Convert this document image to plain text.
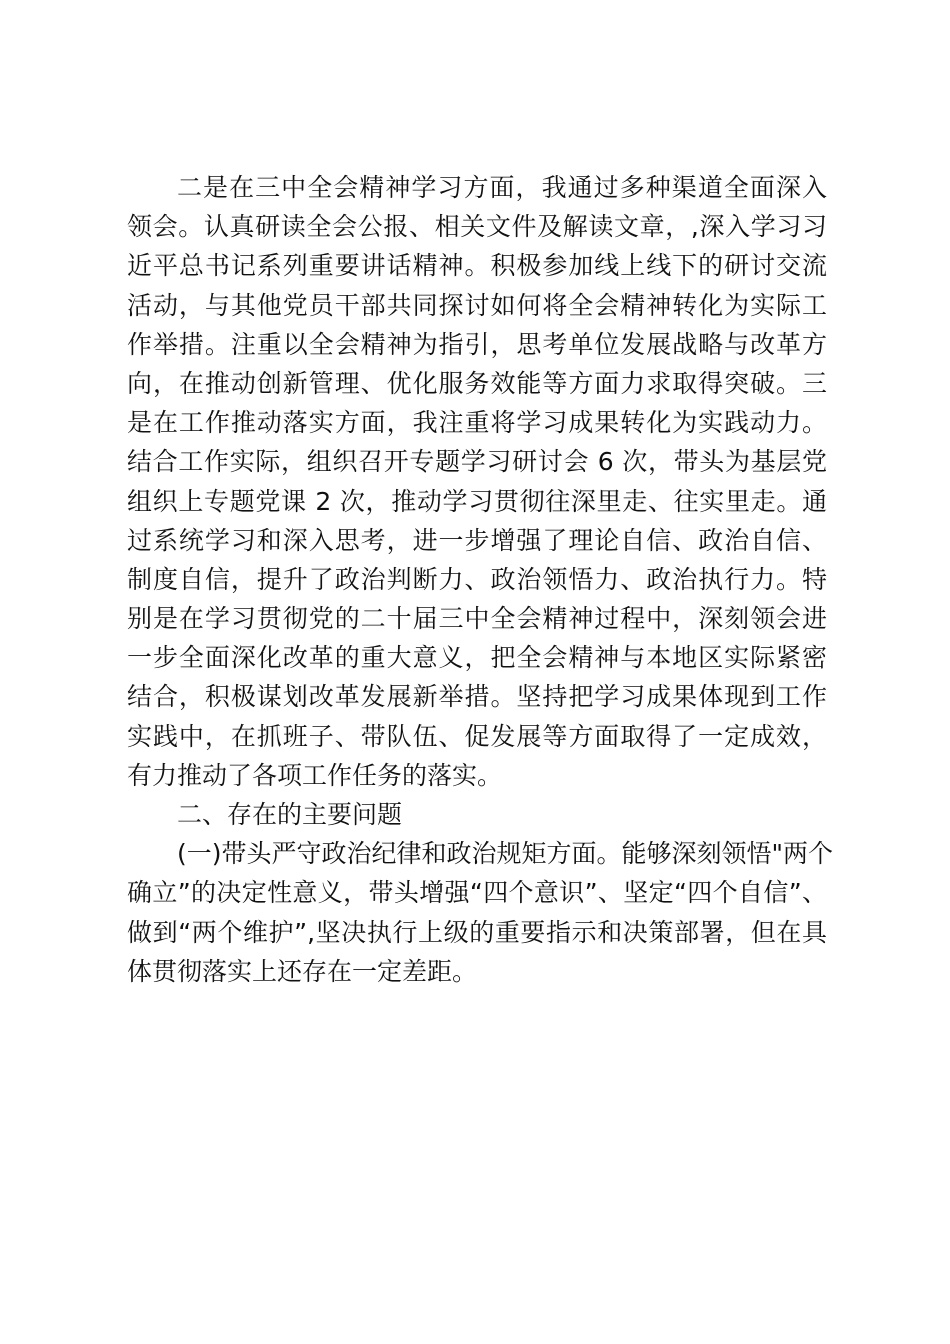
二是在三中全会精神学习方面，我通过多种渠道全面深入
领会。认真研读全会公报、相关文件及解读文章，,深入学习习
近平总书记系列重要讲话精神。积极参加线上线下的研讨交流
活动，与其他党员干部共同探讨如何将全会精神转化为实际工
作举措。注重以全会精神为指引，思考单位发展战略与改革方
向，在推动创新管理、优化服务效能等方面力求取得突破。三
是在工作推动落实方面，我注重将学习成果转化为实践动力。
结合工作实际，组织召开专题学习研讨会 6 次，带头为基层党
组织上专题党课 2 次，推动学习贯彻往深里走、往实里走。通
过系统学习和深入思考，进一步增强了理论自信、政治自信、
制度自信，提升了政治判断力、政治领悟力、政治执行力。特
别是在学习贯彻党的二十届三中全会精神过程中，深刻领会进
一步全面深化改革的重大意义，把全会精神与本地区实际紧密
结合，积极谋划改革发展新举措。坚持把学习成果体现到工作
实践中，在抓班子、带队伍、促发展等方面取得了一定成效，
有力推动了各项工作任务的落实。
二、存在的主要问题
(一)带头严守政治纪律和政治规矩方面。能够深刻领悟"两个
确立”的决定性意义，带头增强“四个意识”、坚定“四个自信”、
做到“两个维护”,坚决执行上级的重要指示和决策部署，但在具
体贯彻落实上还存在一定差距。
